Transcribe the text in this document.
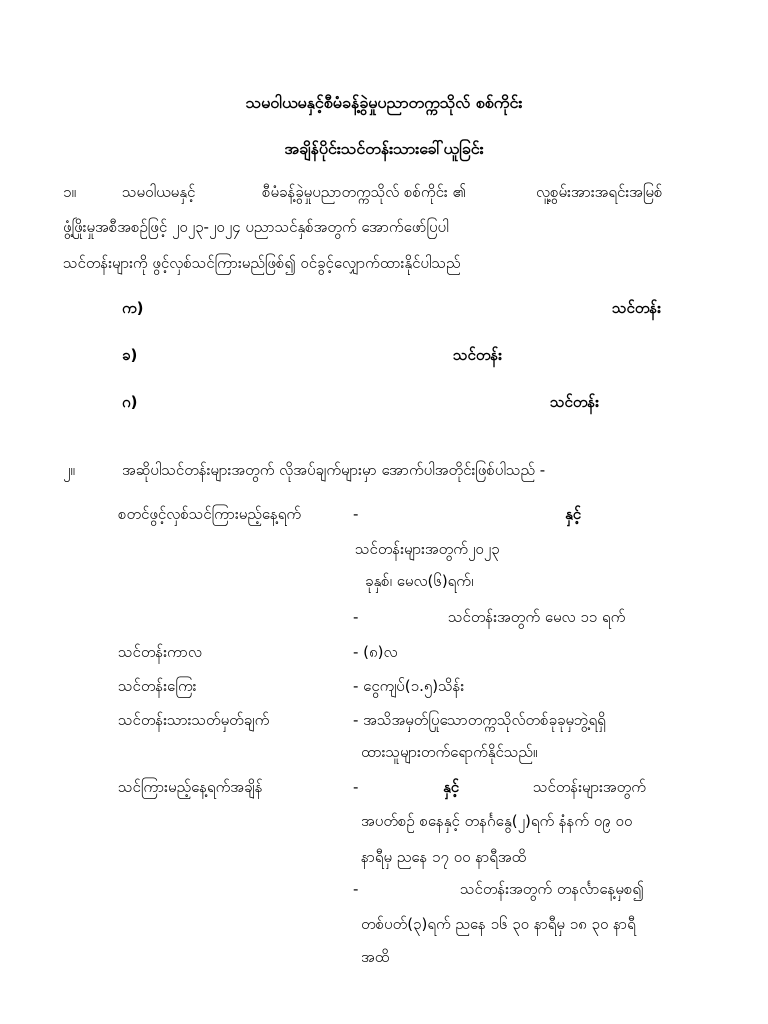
သမဝါယမနှင့်စီမံခန့်ခွဲမှုပညာတက္ကသိုလ် စစ်ကိုင်း
အချိန်ပိုင်းသင်တန်းသားခေါ်ယူခြင်း
၁။	သမဝါယမနှင့်	စီမံခန့်ခွဲမှုပညာတက္ကသိုလ် စစ်ကိုင်း ၏	လူ့စွမ်းအားအရင်းအမြစ်
ဖွံ့ဖြိုးမှုအစီအစဉ်ဖြင့် ၂၀၂၃-၂၀၂၄ ပညာသင်နှစ်အတွက် အောက်ဖော်ပြပါ
သင်တန်းများကို ဖွင့်လှစ်သင်ကြားမည်ဖြစ်၍ ဝင်ခွင့်လျှောက်ထားနိုင်ပါသည်
က)	သင်တန်း
ခ)	သင်တန်း
ဂ)	သင်တန်း
၂။	အဆိုပါသင်တန်းများအတွက် လိုအပ်ချက်များမှာ အောက်ပါအတိုင်းဖြစ်ပါသည် -
စတင်ဖွင့်လှစ်သင်ကြားမည့်နေ့ရက်	-	နှင့်
သင်တန်းများအတွက်၂၀၂၃
ခုနှစ်၊ မေလ(၆)ရက်၊
-	သင်တန်းအတွက် မေလ ၁၁ ရက်
သင်တန်းကာလ	- (၈)လ
သင်တန်းကြေး	- ငွေကျပ်(၁.၅)သိန်း
သင်တန်းသားသတ်မှတ်ချက်	- အသိအမှတ်ပြုသောတက္ကသိုလ်တစ်ခုခုမှဘွဲ့ရရှိ
ထားသူများတက်ရောက်နိုင်သည်။
သင်ကြားမည့်နေ့ရက်အချိန်	-	နှင့်	သင်တန်းများအတွက်
အပတ်စဉ် စနေနှင့် တနင်္ဂနွေ(၂)ရက် နံနက် ၀၉ ၀၀
နာရီမှ ညနေ ၁၇ ၀၀ နာရီအထိ
-	သင်တန်းအတွက် တနင်္လာနေ့မှစ၍
တစ်ပတ်(၃)ရက် ညနေ ၁၆ ၃၀ နာရီမှ ၁၈ ၃၀ နာရီ
အထိ
